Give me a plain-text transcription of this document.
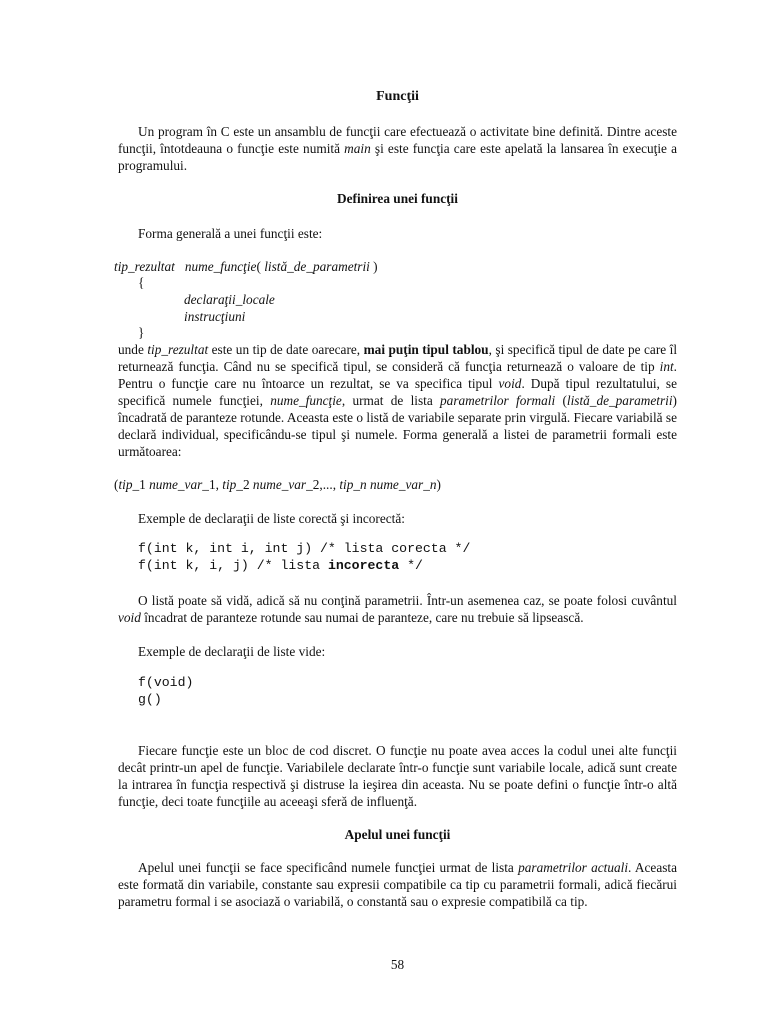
Funcţii

Un program în C este un ansamblu de funcţii care efectuează o activitate bine definită. Dintre aceste funcţii, întotdeauna o funcţie este numită main şi este funcţia care este apelată la lansarea în execuţie a programului.

Definirea unei funcţii

Forma generală a unei funcţii este:

tip_rezultat nume_funcţie( listă_de_parametrii )

{

declaraţii_locale

instrucţiuni

}

unde tip_rezultat este un tip de date oarecare, mai puţin tipul tablou, şi specifică tipul de date pe care îl returnează funcţia. Când nu se specifică tipul, se consideră că funcţia returnează o valoare de tip int. Pentru o funcţie care nu întoarce un rezultat, se va specifica tipul void. După tipul rezultatului, se specifică numele funcţiei, nume_funcţie, urmat de lista parametrilor formali (listă_de_parametrii) încadrată de paranteze rotunde. Aceasta este o listă de variabile separate prin virgulă. Fiecare variabilă se declară individual, specificându-se tipul şi numele. Forma generală a listei de parametrii formali este următoarea:

(tip_1 nume_var_1, tip_2 nume_var_2,..., tip_n nume_var_n)

Exemple de declaraţii de liste corectă şi incorectă:

f(int k, int i, int j) /* lista corecta */

f(int k, i, j) /* lista incorecta */

O listă poate să vidă, adică să nu conţină parametrii. Într-un asemenea caz, se poate folosi cuvântul void încadrat de paranteze rotunde sau numai de paranteze, care nu trebuie să lipsească.

Exemple de declaraţii de liste vide:

f(void)

g()

Fiecare funcţie este un bloc de cod discret. O funcţie nu poate avea acces la codul unei alte funcţii decât printr-un apel de funcţie. Variabilele declarate într-o funcţie sunt variabile locale, adică sunt create la intrarea în funcţia respectivă şi distruse la ieşirea din aceasta. Nu se poate defini o funcţie într-o altă funcţie, deci toate funcţiile au aceeaşi sferă de influenţă.

Apelul unei funcţii

Apelul unei funcţii se face specificând numele funcţiei urmat de lista parametrilor actuali. Aceasta este formată din variabile, constante sau expresii compatibile ca tip cu parametrii formali, adică fiecărui parametru formal i se asociază o variabilă, o constantă sau o expresie compatibilă ca tip.

58
